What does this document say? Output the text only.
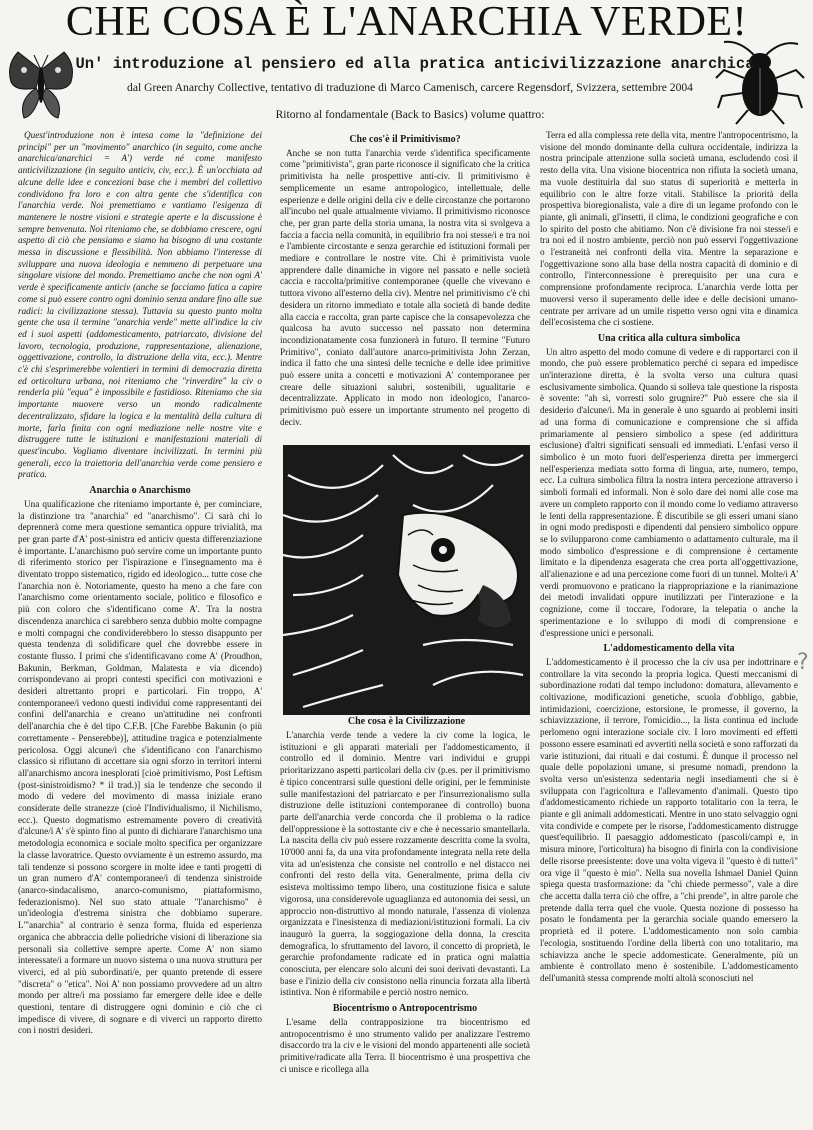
CHE COSA È L'ANARCHIA VERDE!
Un' introduzione al pensiero ed alla pratica anticivilizzazione anarchica
dal Green Anarchy Collective, tentativo di traduzione di Marco Camenisch, carcere Regensdorf, Svizzera, settembre 2004
Ritorno al fondamentale (Back to Basics) volume quattro:

Quest'introduzione non è intesa come la "definizione dei principi" per un "movimento" anarchico (in seguito, come anche anarchica/anarchici = A') verde né come manifesto anticivilizzazione (in seguito anticiv, civ, ecc.). È un'occhiata ad alcune delle idee e concezioni base che i membri del collettivo condividono fra loro e con altra gente che s'identifica con l'anarchia verde. Noi premettiamo e vantiamo l'esigenza di mantenere le nostre visioni e strategie aperte e la discussione è sempre benvenuta. Noi riteniamo che, se dobbiamo crescere, ogni aspetto di ciò che pensiamo e siamo ha bisogno di una costante messa in discussione e flessibilità. Non abbiamo l'interesse di sviluppare una nuova ideologia e nemmeno di perpetuare una singolare visione del mondo. Premettiamo anche che non ogni A' verde è specificamente anticiv (anche se facciamo fatica a capire come si può essere contro ogni dominio senza andare fino alle sue radici: la civilizzazione stessa). Tuttavia su questo punto molta gente che usa il termine "anarchia verde" mette all'indice la civ ed i suoi aspetti (addomesticamento, patriarcato, divisione del lavoro, tecnologia, produzione, rappresentazione, alienazione, oggettivazione, controllo, la distruzione della vita, ecc.). Mentre c'è chi s'esprimerebbe volentieri in termini di democrazia diretta ed orticoltura urbana, noi riteniamo che "rinverdire" la civ o renderla più "equa" è impossibile e fastidioso. Riteniamo che sia importante muovere verso un mondo radicalmente decentralizzato, sfidare la logica e la mentalità della cultura di morte, farla finita con ogni mediazione nelle nostre vite e distruggere tutte le istituzioni e manifestazioni materiali di quest'incubo. Vogliamo diventare incivilizzati. In termini più generali, ecco la traiettoria dell'anarchia verde come pensiero e pratica.

Anarchia o Anarchismo

Una qualificazione che riteniamo importante è, per cominciare, la distinzione tra "anarchia" ed "anarchismo". Ci sarà chi lo deprennerà come mera questione semantica oppure trivialità, ma per gran parte d'A' post-sinistra ed anticiv questa differenziazione è importante. L'anarchismo può servire come un importante punto di riferimento storico per l'ispirazione e l'insegnamento ma è diventato troppo sistematico, rigido ed ideologico... tutte cose che l'anarchia non è. Notoriamente, questo ha meno a che fare con l'anarchismo come orientamento sociale, politico e filosofico e più con coloro che s'identificano come A'. Tra la nostra discendenza anarchica ci sarebbero senza dubbio molte compagne e molti compagni che condividerebbero lo stesso disappunto per questa tendenza di solidificare quel che dovrebbe essere in costante flusso. I primi che s'identificavano come A' (Proudhon, Bakunin, Berkman, Goldman, Malatesta e via dicendo) corrispondevano ai propri contesti specifici con motivazioni e desideri altrettanto propri e particolari. Fin troppo, A' contemporanee/i vedono questi individui come rappresentanti dei confini dell'anarchia e creano un'attitudine nei confronti dell'anarchia che è del tipo C.F.B. [Che Farebbe Bakunin (o più correttamente - Penserebbe)], attitudine tragica e potenzialmente pericolosa. Oggi alcune/i che s'identificano con l'anarchismo classico si rifiutano di accettare sia ogni sforzo in territori interni all'anarchismo ancora inesplorati [cioè primitivismo, Post Leftism (post-sinistroidismo? * il trad.)] sia le tendenze che secondo il modo di vedere del movimento di massa iniziale erano considerate delle stranezze (cioè l'Individualismo, il Nichilismo, ecc.). Questo dogmatismo estremamente povero di creatività d'alcune/i A' s'è spinto fino al punto di dichiarare l'anarchismo una metodologia economica e sociale molto specifica per organizzare la classe lavoratrice. Questo ovviamente è un estremo assurdo, ma tali tendenze si possono scorgere in molte idee e tanti progetti di un gran numero d'A' contemporanee/i di tendenza sinistroide (anarco-sindacalismo, anarco-comunismo, piattaformismo, federazionismo). Nel suo stato attuale "l'anarchismo" è un'ideologia d'estrema sinistra che dobbiamo superare. L'"anarchia" al contrario è senza forma, fluida ed esperienza organica che abbraccia delle poliedriche visioni di liberazione sia personali sia collettive sempre aperte. Come A' non siamo interessate/i a formare un nuovo sistema o una nuova struttura per viverci, ed al più subordinati/e, per quanto pretende di essere "discreta" o "etica". Noi A' non possiamo provvedere ad un altro mondo per altre/i ma possiamo far emergere delle idee e delle questioni, tentare di distruggere ogni dominio e ciò che ci impedisce di vivere, di sognare e di viverci un rapporto diretto con i nostri desideri.

Che cos'è il Primitivismo?

Anche se non tutta l'anarchia verde s'identifica specificamente come "primitivista", gran parte riconosce il significato che la critica primitivista ha nelle prospettive anti-civ. Il primitivismo è semplicemente un esame antropologico, intellettuale, delle esperienze e delle origini della civ e delle circostanze che portarono all'incubo nel quale attualmente viviamo. Il primitivismo riconosce che, per gran parte della storia umana, la nostra vita si svolgeva a faccia a faccia nella comunità, in equilibrio fra noi stesse/i e tra noi e l'ambiente circostante e senza gerarchie ed istituzioni formali per mediare e controllare le nostre vite. Chi è primitivista vuole apprendere dalle dinamiche in vigore nel passato e nelle società caccia e raccolta/primitive contemporanee (quelle che vivevano e tuttora vivono all'esterno della civ). Mentre nel primitivismo c'è chi desidera un ritorno immediato e totale alla società di bande dedite alla caccia e raccolta, gran parte capisce che la consapevolezza che qualcosa ha avuto successo nel passato non determina incondizionatamente cosa funzionerà in futuro. Il termine "Futuro Primitivo", coniato dall'autore anarco-primitivista John Zerzan, indica il fatto che una sintesi delle tecniche e delle idee primitive può essere unita a concetti e motivazioni A' contemporanee per creare delle situazioni salubri, sostenibili, ugualitarie e decentralizzate. Applicato in modo non ideologico, l'anarco-primitivismo può essere un importante strumento nel progetto di deciv.

Che cosa è la Civilizzazione

L'anarchia verde tende a vedere la civ come la logica, le istituzioni e gli apparati materiali per l'addomesticamento, il controllo ed il dominio. Mentre vari individui e gruppi prioritarizzano aspetti particolari della civ (p.es. per il primitivismo è tipico concentrarsi sulle questioni delle origini, per le femministe sulle manifestazioni del patriarcato e per l'insurrezionalismo sulla distruzione delle istituzioni contemporanee di controllo) buona parte dell'anarchia verde concorda che il problema o la radice dell'oppressione è la sottostante civ e che è necessario smantellarla. La nascita della civ può essere rozzamente descritta come la svolta, 10'000 anni fa, da una vita profondamente integrata nella rete della vita ad un'esistenza che consiste nel controllo e nel distacco nei confronti del resto della vita. Generalmente, prima della civ esisteva moltissimo tempo libero, una costituzione fisica e salute vigorosa, una considerevole uguaglianza ed autonomia dei sessi, un approccio non-distruttivo al mondo naturale, l'assenza di violenza organizzata e l'inesistenza di mediazioni/istituzioni formali. La civ inaugurò la guerra, la soggiogazione della donna, la crescita demografica, lo sfruttamento del lavoro, il concetto di proprietà, le gerarchie profondamente radicate ed in pratica ogni malattia conosciuta, per elencare solo alcuni dei suoi derivati devastanti. La base e l'inizio della civ consistono nella rinuncia forzata alla libertà istintiva. Non è riformabile e perciò nostro nemico.

Biocentrismo o Antropocentrismo

L'esame della contrapposizione tra biocentrismo ed antropocentrismo è uno strumento valido per analizzare l'estremo disaccordo tra la civ e le visioni del mondo appartenenti alle società primitive/radicate alla Terra. Il biocentrismo è una prospettiva che ci unisce e ricollega alla

Terra ed alla complessa rete della vita, mentre l'antropocentrismo, la visione del mondo dominante della cultura occidentale, indirizza la nostra principale attenzione sulla società umana, escludendo così il resto della vita. Una visione biocentrica non rifiuta la società umana, ma vuole destituirla dal suo status di superiorità e metterla in equilibrio con le altre forze vitali. Stabilisce la priorità della prospettiva bioregionalista, vale a dire di un legame profondo con le piante, gli animali, gl'insetti, il clima, le condizioni geografiche e con lo spirito del posto che abitiamo. Non c'è divisione fra noi stesse/i e tra noi ed il nostro ambiente, perciò non può esservi l'oggettivazione o l'estraneità nei confronti della vita. Mentre la separazione e l'oggettivazione sono alla base della nostra capacità di dominio e di controllo, l'interconnessione è prerequisito per una cura e comprensione profondamente reciproca. L'anarchia verde lotta per muoversi verso il superamento delle idee e delle decisioni umano-centrate per arrivare ad un umile rispetto verso ogni vita e dinamica dell'ecosistema che ci sostiene.

Una critica alla cultura simbolica

Un altro aspetto del modo comune di vedere e di rapportarci con il mondo, che può essere problematico perché ci separa ed impedisce un'interazione diretta, è la svolta verso una cultura quasi esclusivamente simbolica. Quando si solleva tale questione la risposta è sovente: "ah sì, vorresti solo grugnire?" Può essere che sia il desiderio d'alcune/i. Ma in generale è uno sguardo ai problemi insiti ad una forma di comunicazione e comprensione che si affida primariamente al pensiero simbolico a spese (ed addirittura esclusione) d'altri significati sensuali ed immediati. L'enfasi verso il simbolico è un moto fuori dell'esperienza diretta per immergerci nell'esperienza mediata sotto forma di lingua, arte, numero, tempo, ecc. La cultura simbolica filtra la nostra intera percezione attraverso i simboli formali ed informali. Non è solo dare dei nomi alle cose ma avere un completo rapporto con il mondo come lo vediamo attraverso le lenti della rappresentazione. È discutibile se gli esseri umani siano in ogni modo predisposti e dipendenti dal pensiero simbolico oppure se lo svilupparono come cambiamento o adattamento culturale, ma il modo simbolico d'espressione e di comprensione è certamente limitato e la dipendenza esagerata che crea porta all'oggettivazione, all'alienazione e ad una percezione come fuori di un tunnel. Molte/i A' verdi promuovono e praticano la riappropriazione e la rianimazione dei metodi invalidati oppure inutilizzati per l'interazione e la cognizione, come il toccare, l'odorare, la telepatia o anche la sperimentazione e lo sviluppo di modi di comprensione e d'espressione unici e personali.

L'addomesticamento della vita

L'addomesticamento è il processo che la civ usa per indottrinare e controllare la vita secondo la propria logica. Questi meccanismi di subordinazione rodati dal tempo includono: domatura, allevamento e coltivazione, modificazioni genetiche, scuola d'obbligo, gabbie, intimidazioni, coercizione, estorsione, le promesse, il governo, la schiavizzazione, il terrore, l'omicidio..., la lista continua ed include perlomeno ogni interazione sociale civ. I loro movimenti ed effetti possono essere esaminati ed avvertiti nella società e sono rafforzati da varie istituzioni, dai rituali e dai costumi. È dunque il processo nel quale delle popolazioni umane, si presume nomadi, prendono la svolta verso un'esistenza sedentaria negli insediamenti che si è sviluppata con l'agricoltura e l'allevamento d'animali. Questo tipo d'addomesticamento richiede un rapporto totalitario con la terra, le piante e gli animali addomesticati. Mentre in uno stato selvaggio ogni vita condivide e compete per le risorse, l'addomesticamento distrugge quest'equilibrio. Il paesaggio addomesticato (pascoli/campi e, in misura minore, l'orticoltura) ha bisogno di finirla con la condivisione delle risorse preesistente: dove una volta vigeva il "questo è di tutte/i" ora vige il "questo è mio". Nella sua novella Ishmael Daniel Quinn spiega questa trasformazione: da "chi chiede permesso", vale a dire che accetta dalla terra ciò che offre, a "chi prende", in altre parole che pretende dalla terra quel che vuole. Questa nozione di possesso ha posato le fondamenta per la gerarchia sociale quando emersero la proprietà ed il potere. L'addomesticamento non solo cambia l'ecologia, sostituendo l'ordine della libertà con uno totalitario, ma schiavizza anche le specie addomesticate. Generalmente, più un ambiente è controllato meno è sostenibile. L'addomesticamento dell'umanità stessa comprende molti altolà sconosciuti nel

?
